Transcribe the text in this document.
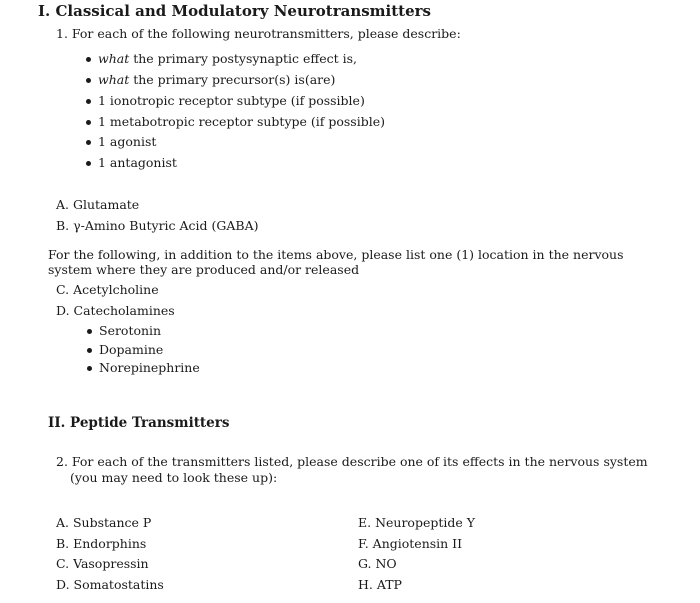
I. Classical and Modulatory Neurotransmitters
1. For each of the following neurotransmitters, please describe:
what the primary postysynaptic effect is,
what the primary precursor(s) is(are)
1 ionotropic receptor subtype (if possible)
1 metabotropic receptor subtype (if possible)
1 agonist
1 antagonist
A. Glutamate
B. γ-Amino Butyric Acid (GABA)
For the following, in addition to the items above, please list one (1) location in the nervous system where they are produced and/or released
C. Acetylcholine
D. Catecholamines
Serotonin
Dopamine
Norepinephrine
II. Peptide Transmitters
2. For each of the transmitters listed, please describe one of its effects in the nervous system (you may need to look these up):
A. Substance P
B. Endorphins
C. Vasopressin
D. Somatostatins
E. Neuropeptide Y
F. Angiotensin II
G. NO
H. ATP
